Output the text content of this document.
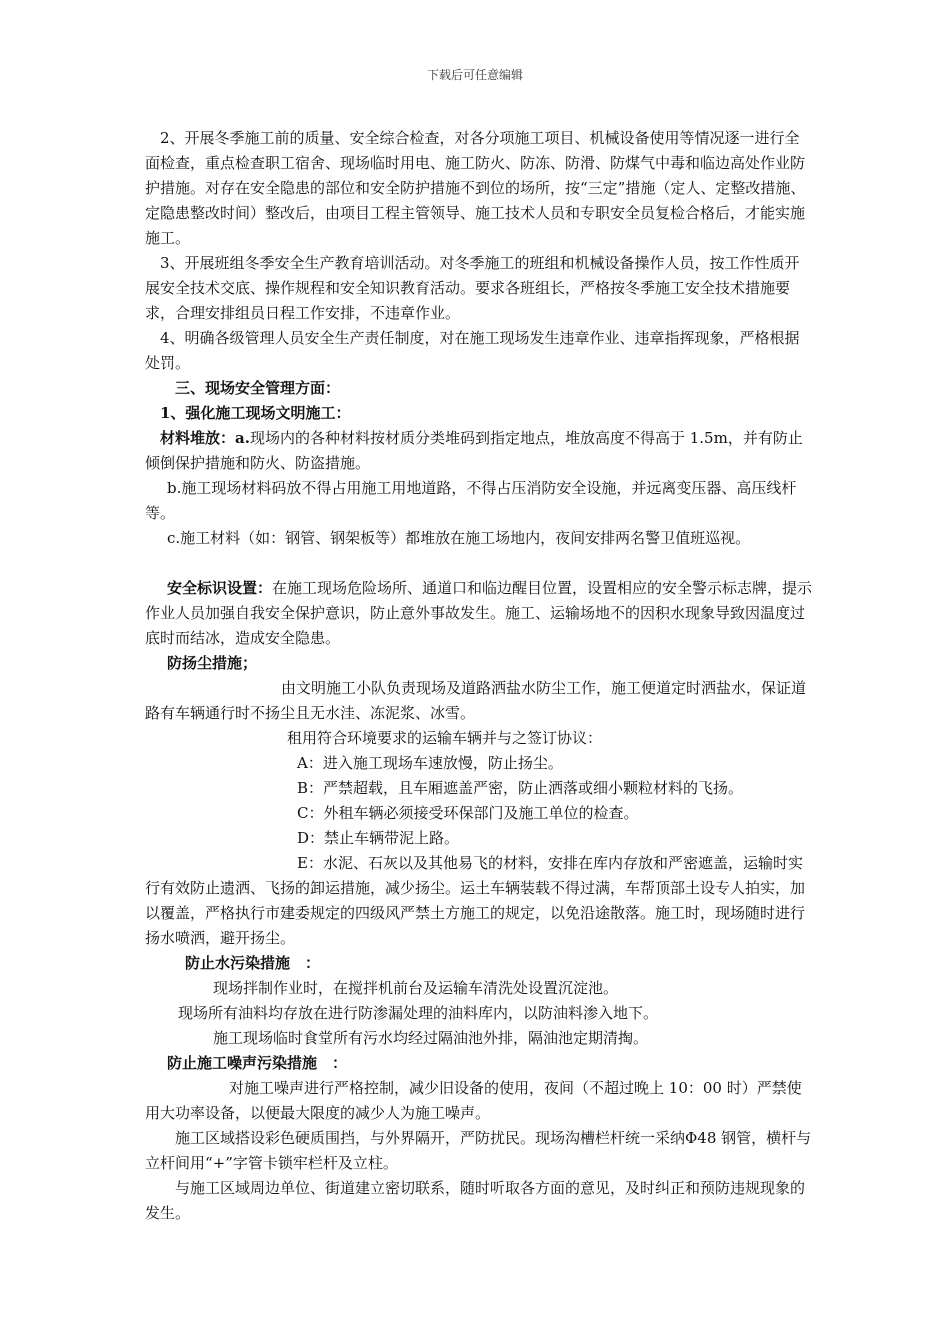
下载后可任意编辑

2、开展冬季施工前的质量、安全综合检查，对各分项施工项目、机械设备使用等情况逐一进行全面检查，重点检查职工宿舍、现场临时用电、施工防火、防冻、防滑、防煤气中毒和临边高处作业防护措施。对存在安全隐患的部位和安全防护措施不到位的场所，按“三定”措施（定人、定整改措施、定隐患整改时间）整改后，由项目工程主管领导、施工技术人员和专职安全员复检合格后，才能实施施工。

3、开展班组冬季安全生产教育培训活动。对冬季施工的班组和机械设备操作人员，按工作性质开展安全技术交底、操作规程和安全知识教育活动。要求各班组长，严格按冬季施工安全技术措施要求，合理安排组员日程工作安排，不违章作业。

4、明确各级管理人员安全生产责任制度，对在施工现场发生违章作业、违章指挥现象，严格根据处罚。

三、现场安全管理方面：

1、强化施工现场文明施工：

材料堆放：a.现场内的各种材料按材质分类堆码到指定地点，堆放高度不得高于 1.5m，并有防止倾倒保护措施和防火、防盗措施。

b.施工现场材料码放不得占用施工用地道路，不得占压消防安全设施，并远离变压器、高压线杆等。

c.施工材料（如：钢管、钢架板等）都堆放在施工场地内，夜间安排两名警卫值班巡视。

安全标识设置：在施工现场危险场所、通道口和临边醒目位置，设置相应的安全警示标志牌，提示作业人员加强自我安全保护意识，防止意外事故发生。施工、运输场地不的因积水现象导致因温度过底时而结冰，造成安全隐患。

防扬尘措施；

由文明施工小队负责现场及道路洒盐水防尘工作，施工便道定时洒盐水，保证道路有车辆通行时不扬尘且无水洼、冻泥浆、冰雪。

租用符合环境要求的运输车辆并与之签订协议：

A：进入施工现场车速放慢，防止扬尘。

B：严禁超载，且车厢遮盖严密，防止洒落或细小颗粒材料的飞扬。

C：外租车辆必须接受环保部门及施工单位的检查。

D：禁止车辆带泥上路。

E：水泥、石灰以及其他易飞的材料，安排在库内存放和严密遮盖，运输时实行有效防止遗洒、飞扬的卸运措施，减少扬尘。运土车辆装载不得过满，车帮顶部土设专人拍实，加以覆盖，严格执行市建委规定的四级风严禁土方施工的规定，以免沿途散落。施工时，现场随时进行扬水喷洒，避开扬尘。

防止水污染措施　：

现场拌制作业时，在搅拌机前台及运输车清洗处设置沉淀池。

现场所有油料均存放在进行防渗漏处理的油料库内，以防油料渗入地下。

施工现场临时食堂所有污水均经过隔油池外排，隔油池定期清掏。

防止施工噪声污染措施　：

对施工噪声进行严格控制，减少旧设备的使用，夜间（不超过晚上 10：00 时）严禁使用大功率设备，以便最大限度的减少人为施工噪声。

施工区域搭设彩色硬质围挡，与外界隔开，严防扰民。现场沟槽栏杆统一采纳Φ48 钢管，横杆与立杆间用“+”字管卡锁牢栏杆及立柱。

与施工区域周边单位、街道建立密切联系，随时听取各方面的意见，及时纠正和预防违规现象的发生。
